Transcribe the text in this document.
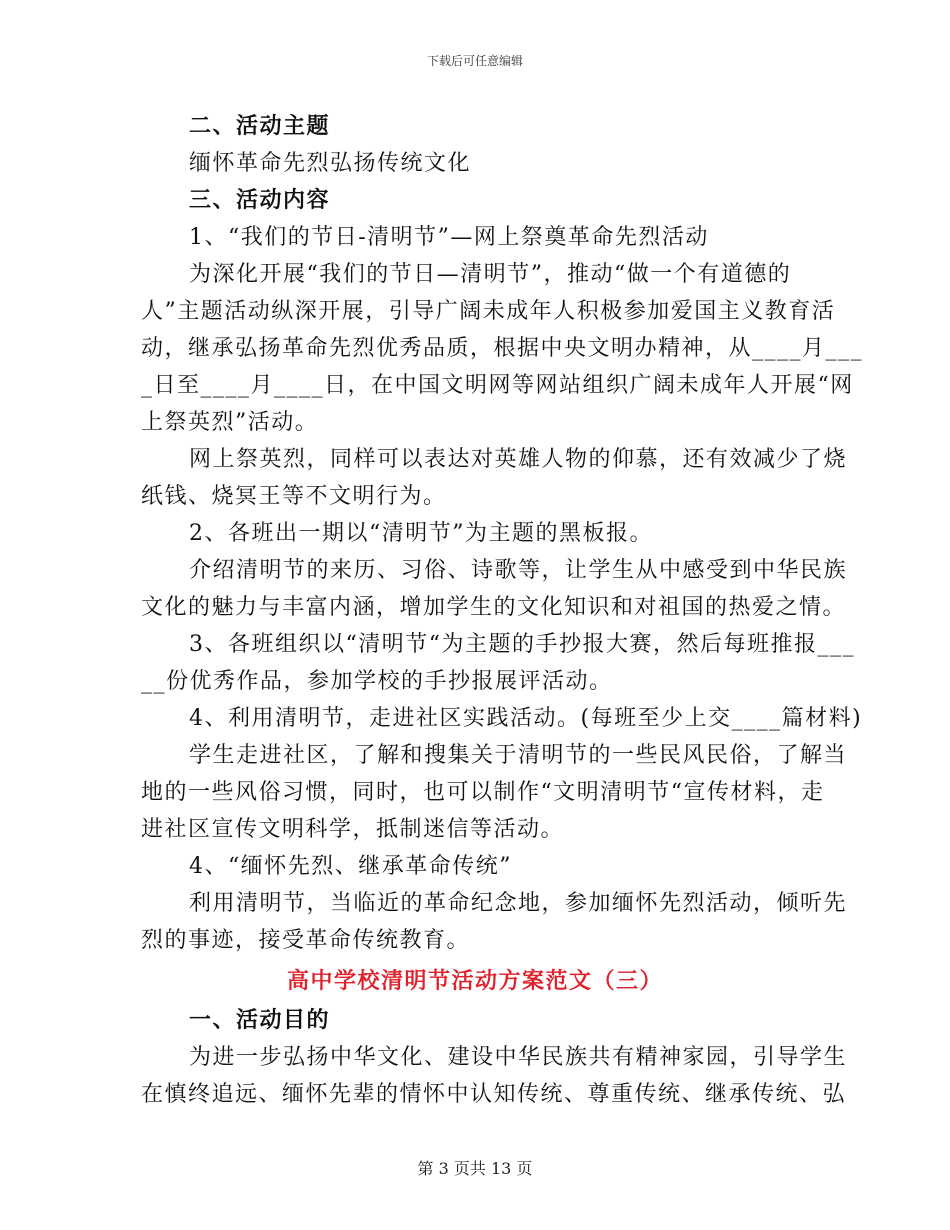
下载后可任意编辑
二、活动主题
缅怀革命先烈弘扬传统文化
三、活动内容
1、“我们的节日-清明节”—网上祭奠革命先烈活动
为深化开展“我们的节日—清明节”，推动“做一个有道德的
人”主题活动纵深开展，引导广阔未成年人积极参加爱国主义教育活
动，继承弘扬革命先烈优秀品质，根据中央文明办精神，从____月___
_日至____月____日，在中国文明网等网站组织广阔未成年人开展“网
上祭英烈”活动。
网上祭英烈，同样可以表达对英雄人物的仰慕，还有效减少了烧
纸钱、烧冥王等不文明行为。
2、各班出一期以“清明节”为主题的黑板报。
介绍清明节的来历、习俗、诗歌等，让学生从中感受到中华民族
文化的魅力与丰富内涵，增加学生的文化知识和对祖国的热爱之情。
3、各班组织以“清明节“为主题的手抄报大赛，然后每班推报___
__份优秀作品，参加学校的手抄报展评活动。
4、利用清明节，走进社区实践活动。(每班至少上交____篇材料)
学生走进社区，了解和搜集关于清明节的一些民风民俗，了解当
地的一些风俗习惯，同时，也可以制作“文明清明节“宣传材料，走
进社区宣传文明科学，抵制迷信等活动。
4、“缅怀先烈、继承革命传统”
利用清明节，当临近的革命纪念地，参加缅怀先烈活动，倾听先
烈的事迹，接受革命传统教育。
高中学校清明节活动方案范文（三）
一、活动目的
为进一步弘扬中华文化、建设中华民族共有精神家园，引导学生
在慎终追远、缅怀先辈的情怀中认知传统、尊重传统、继承传统、弘
第 3 页共 13 页
